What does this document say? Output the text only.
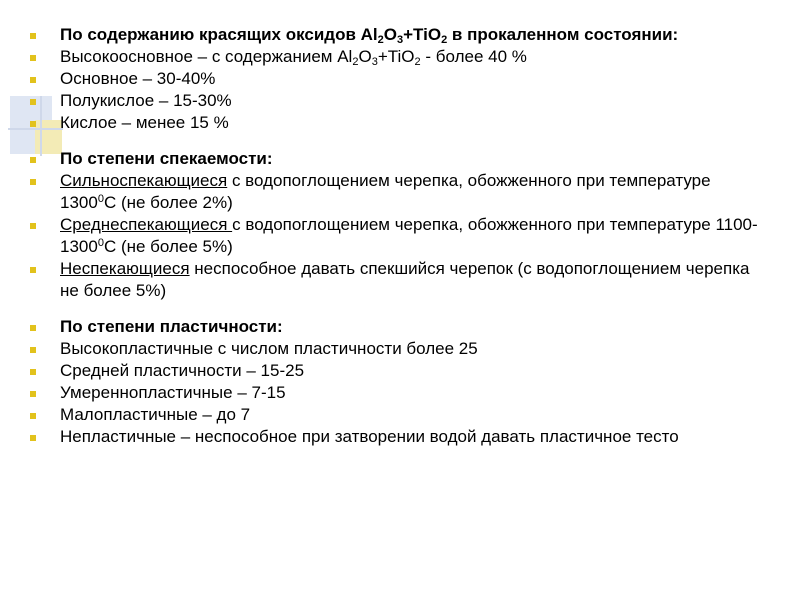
По содержанию красящих оксидов $Al_2O_3+TiO_2$ в прокаленном состоянии:

Высокоосновное – с содержанием $Al_2O_3+TiO_2$ - более 40 %

Основное – 30-40%

Полукислое – 15-30%

Кислое – менее 15 %

По степени спекаемости:

Сильноспекающиеся с водопоглощением черепка, обожженного при температуре 1300$^0$С (не более 2%)

Среднеспекающиеся с водопоглощением черепка, обожженного при температуре 1100-1300$^0$С (не более 5%)

Неспекающиеся неспособное давать спекшийся черепок (с водопоглощением черепка не более 5%)

По степени пластичности:

Высокопластичные с числом пластичности более 25

Средней пластичности – 15-25

Умереннопластичные – 7-15

Малопластичные – до 7

Непластичные – неспособное при затворении водой давать пластичное тесто
